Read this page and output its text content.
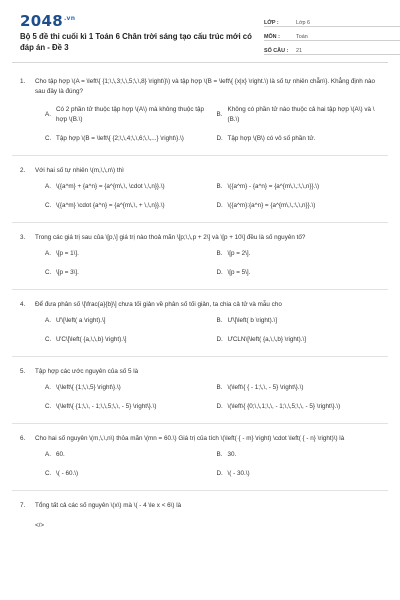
$2048^{.vn}$
Bộ 5 đề thi cuối kì 1 Toán 6 Chân trời sáng tạo cấu trúc mới có đáp án - Đề 3
LỚP :	Lớp 6
MÔN :	Toán
SỐ CÂU :	21
1. Cho tập hợp \(A = \left\{ {1;\,\,3;\,\,5;\,\,8} \right\}\) và tập hợp \(B = \left\{ {x|x} \right.\) là số tự nhiên chẵn\}. Khẳng định nào sau đây là đúng?
A.
Có 2 phần tử thuộc tập hợp \(A\) mà không thuộc tập hợp \(B.\)
B.
Không có phần tử nào thuộc cả hai tập hợp \(A\) và \(B.\)
C. Tập hợp \(B = \left\{ {2;\,\,4;\,\,6;\,\,...} \right\}.\)	D. Tập hợp \(B\) có vô số phần tử.
2. Với hai số tự nhiên \(m,\,\,n\) thì
A. \({a^m} + {a^n} = {a^{m\,\, \cdot \,\,n}}.\)	B. \({a^m} - {a^n} = {a^{m\,\,:\,\,n}}.\)
C. \({a^m} \cdot {a^n} = {a^{m\,\, + \,\,n}}.\)	D. \({a^m}:{a^n} = {a^{m\,\,:\,\,n}}.\)
3. Trong các giá trị sau của \[p,\] giá trị nào thoả mãn \[p;\,\,p + 2\] và \[p + 10\] đều là số nguyên tố?
A. \[p = 1\].	B. \[p = 2\].
C. \[p = 3\].	D. \[p = 5\].
4. Để đưa phân số \[\frac{a}{b}\] chưa tối giản về phân số tối giản, ta chia cả tử và mẫu cho
A. Ư\[\left( a \right).\]	B. Ư\[\left( b \right).\]
C. ƯC\[\left( {a,\,\,b} \right).\]	D. ƯCLN\[\left( {a,\,\,b} \right).\]
5. Tập hợp các ước nguyên của số 5 là
A. \(\left\{ {1;\,\,5} \right\}.\)	B. \(\left\{ { - 1;\,\, - 5} \right\}.\)
C. \(\left\{ {1;\,\, - 1;\,\,5;\,\, - 5} \right\}.\)	D. \(\left\{ {0;\,\,1;\,\, - 1;\,\,5;\,\, - 5} \right\}.\)
6. Cho hai số nguyên \(m,\,\,n\) thỏa mãn \(mn = 60.\) Giá trị của tích \(\left( { - m} \right) \cdot \left( { - n} \right)\) là
A. 60.	B. 30.
C. \( - 60.\)	D. \( - 30.\)
7. Tổng tất cả các số nguyên \(x\) mà \( - 4 \le x < 6\) là
</>
